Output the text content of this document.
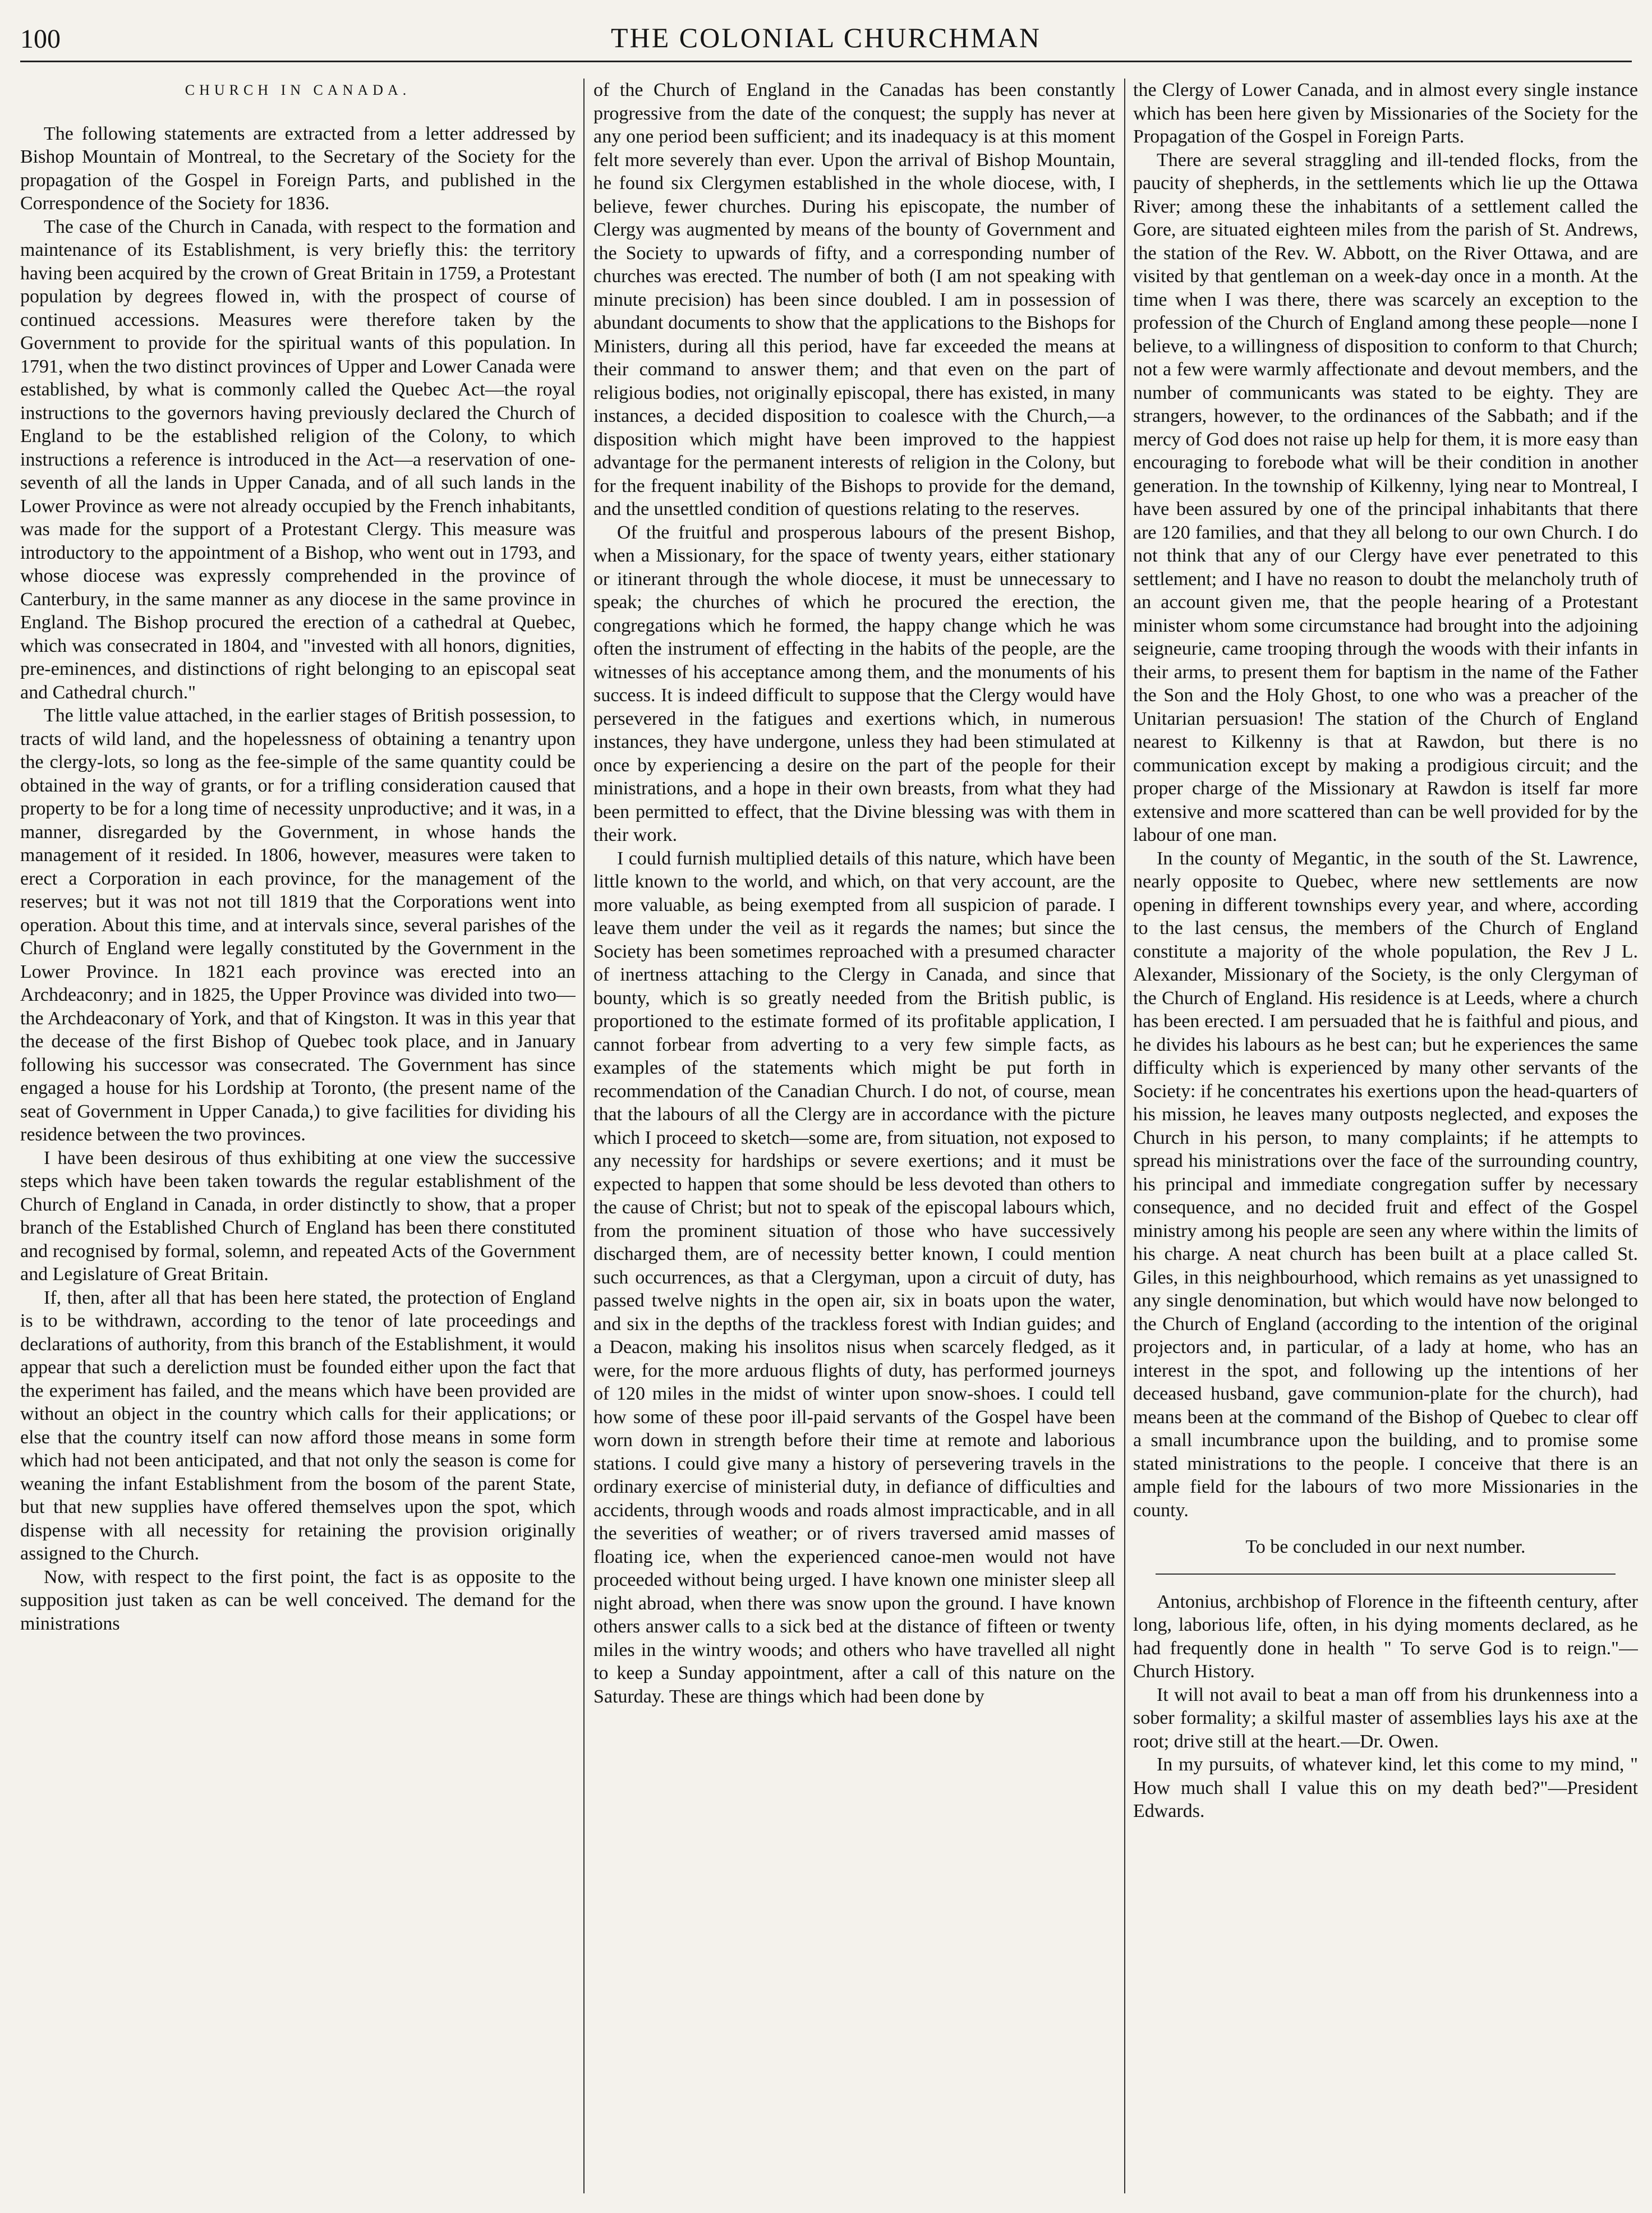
100	THE COLONIAL CHURCHMAN
CHURCH IN CANADA.

The following statements are extracted from a letter addressed by Bishop Mountain of Montreal, to the Secretary of the Society for the propagation of the Gospel in Foreign Parts, and published in the Correspondence of the Society for 1836.

The case of the Church in Canada, with respect to the formation and maintenance of its Establishment, is very briefly this: the territory having been acquired by the crown of Great Britain in 1759, a Protestant population by degrees flowed in, with the prospect of course of continued accessions. Measures were therefore taken by the Government to provide for the spiritual wants of this population. In 1791, when the two distinct provinces of Upper and Lower Canada were established, by what is commonly called the Quebec Act—the royal instructions to the governors having previously declared the Church of England to be the established religion of the Colony, to which instructions a reference is introduced in the Act—a reservation of one-seventh of all the lands in Upper Canada, and of all such lands in the Lower Province as were not already occupied by the French inhabitants, was made for the support of a Protestant Clergy. This measure was introductory to the appointment of a Bishop, who went out in 1793, and whose diocese was expressly comprehended in the province of Canterbury, in the same manner as any diocese in the same province in England. The Bishop procured the erection of a cathedral at Quebec, which was consecrated in 1804, and "invested with all honors, dignities, pre-eminences, and distinctions of right belonging to an episcopal seat and Cathedral church."

The little value attached, in the earlier stages of British possession, to tracts of wild land, and the hopelessness of obtaining a tenantry upon the clergy-lots, so long as the fee-simple of the same quantity could be obtained in the way of grants, or for a trifling consideration caused that property to be for a long time of necessity unproductive; and it was, in a manner, disregarded by the Government, in whose hands the management of it resided. In 1806, however, measures were taken to erect a Corporation in each province, for the management of the reserves; but it was not not till 1819 that the Corporations went into operation. About this time, and at intervals since, several parishes of the Church of England were legally constituted by the Government in the Lower Province. In 1821 each province was erected into an Archdeaconry; and in 1825, the Upper Province was divided into two—the Archdeaconary of York, and that of Kingston. It was in this year that the decease of the first Bishop of Quebec took place, and in January following his successor was consecrated. The Government has since engaged a house for his Lordship at Toronto, (the present name of the seat of Government in Upper Canada,) to give facilities for dividing his residence between the two provinces.

I have been desirous of thus exhibiting at one view the successive steps which have been taken towards the regular establishment of the Church of England in Canada, in order distinctly to show, that a proper branch of the Established Church of England has been there constituted and recognised by formal, solemn, and repeated Acts of the Government and Legislature of Great Britain.

If, then, after all that has been here stated, the protection of England is to be withdrawn, according to the tenor of late proceedings and declarations of authority, from this branch of the Establishment, it would appear that such a dereliction must be founded either upon the fact that the experiment has failed, and the means which have been provided are without an object in the country which calls for their applications; or else that the country itself can now afford those means in some form which had not been anticipated, and that not only the season is come for weaning the infant Establishment from the bosom of the parent State, but that new supplies have offered themselves upon the spot, which dispense with all necessity for retaining the provision originally assigned to the Church.

Now, with respect to the first point, the fact is as opposite to the supposition just taken as can be well conceived. The demand for the ministrations

of the Church of England in the Canadas has been constantly progressive from the date of the conquest; the supply has never at any one period been sufficient; and its inadequacy is at this moment felt more severely than ever. Upon the arrival of Bishop Mountain, he found six Clergymen established in the whole diocese, with, I believe, fewer churches. During his episcopate, the number of Clergy was augmented by means of the bounty of Government and the Society to upwards of fifty, and a corresponding number of churches was erected. The number of both (I am not speaking with minute precision) has been since doubled. I am in possession of abundant documents to show that the applications to the Bishops for Ministers, during all this period, have far exceeded the means at their command to answer them; and that even on the part of religious bodies, not originally episcopal, there has existed, in many instances, a decided disposition to coalesce with the Church,—a disposition which might have been improved to the happiest advantage for the permanent interests of religion in the Colony, but for the frequent inability of the Bishops to provide for the demand, and the unsettled condition of questions relating to the reserves.

Of the fruitful and prosperous labours of the present Bishop, when a Missionary, for the space of twenty years, either stationary or itinerant through the whole diocese, it must be unnecessary to speak; the churches of which he procured the erection, the congregations which he formed, the happy change which he was often the instrument of effecting in the habits of the people, are the witnesses of his acceptance among them, and the monuments of his success. It is indeed difficult to suppose that the Clergy would have persevered in the fatigues and exertions which, in numerous instances, they have undergone, unless they had been stimulated at once by experiencing a desire on the part of the people for their ministrations, and a hope in their own breasts, from what they had been permitted to effect, that the Divine blessing was with them in their work.

I could furnish multiplied details of this nature, which have been little known to the world, and which, on that very account, are the more valuable, as being exempted from all suspicion of parade. I leave them under the veil as it regards the names; but since the Society has been sometimes reproached with a presumed character of inertness attaching to the Clergy in Canada, and since that bounty, which is so greatly needed from the British public, is proportioned to the estimate formed of its profitable application, I cannot forbear from adverting to a very few simple facts, as examples of the statements which might be put forth in recommendation of the Canadian Church. I do not, of course, mean that the labours of all the Clergy are in accordance with the picture which I proceed to sketch—some are, from situation, not exposed to any necessity for hardships or severe exertions; and it must be expected to happen that some should be less devoted than others to the cause of Christ; but not to speak of the episcopal labours which, from the prominent situation of those who have successively discharged them, are of necessity better known, I could mention such occurrences, as that a Clergyman, upon a circuit of duty, has passed twelve nights in the open air, six in boats upon the water, and six in the depths of the trackless forest with Indian guides; and a Deacon, making his insolitos nisus when scarcely fledged, as it were, for the more arduous flights of duty, has performed journeys of 120 miles in the midst of winter upon snow-shoes. I could tell how some of these poor ill-paid servants of the Gospel have been worn down in strength before their time at remote and laborious stations. I could give many a history of persevering travels in the ordinary exercise of ministerial duty, in defiance of difficulties and accidents, through woods and roads almost impracticable, and in all the severities of weather; or of rivers traversed amid masses of floating ice, when the experienced canoe-men would not have proceeded without being urged. I have known one minister sleep all night abroad, when there was snow upon the ground. I have known others answer calls to a sick bed at the distance of fifteen or twenty miles in the wintry woods; and others who have travelled all night to keep a Sunday appointment, after a call of this nature on the Saturday. These are things which had been done by

the Clergy of Lower Canada, and in almost every single instance which has been here given by Missionaries of the Society for the Propagation of the Gospel in Foreign Parts.

There are several straggling and ill-tended flocks, from the paucity of shepherds, in the settlements which lie up the Ottawa River; among these the inhabitants of a settlement called the Gore, are situated eighteen miles from the parish of St. Andrews, the station of the Rev. W. Abbott, on the River Ottawa, and are visited by that gentleman on a week-day once in a month. At the time when I was there, there was scarcely an exception to the profession of the Church of England among these people—none I believe, to a willingness of disposition to conform to that Church; not a few were warmly affectionate and devout members, and the number of communicants was stated to be eighty. They are strangers, however, to the ordinances of the Sabbath; and if the mercy of God does not raise up help for them, it is more easy than encouraging to forebode what will be their condition in another generation. In the township of Kilkenny, lying near to Montreal, I have been assured by one of the principal inhabitants that there are 120 families, and that they all belong to our own Church. I do not think that any of our Clergy have ever penetrated to this settlement; and I have no reason to doubt the melancholy truth of an account given me, that the people hearing of a Protestant minister whom some circumstance had brought into the adjoining seigneurie, came trooping through the woods with their infants in their arms, to present them for baptism in the name of the Father the Son and the Holy Ghost, to one who was a preacher of the Unitarian persuasion! The station of the Church of England nearest to Kilkenny is that at Rawdon, but there is no communication except by making a prodigious circuit; and the proper charge of the Missionary at Rawdon is itself far more extensive and more scattered than can be well provided for by the labour of one man.

In the county of Megantic, in the south of the St. Lawrence, nearly opposite to Quebec, where new settlements are now opening in different townships every year, and where, according to the last census, the members of the Church of England constitute a majority of the whole population, the Rev J L. Alexander, Missionary of the Society, is the only Clergyman of the Church of England. His residence is at Leeds, where a church has been erected. I am persuaded that he is faithful and pious, and he divides his labours as he best can; but he experiences the same difficulty which is experienced by many other servants of the Society: if he concentrates his exertions upon the head-quarters of his mission, he leaves many outposts neglected, and exposes the Church in his person, to many complaints; if he attempts to spread his ministrations over the face of the surrounding country, his principal and immediate congregation suffer by necessary consequence, and no decided fruit and effect of the Gospel ministry among his people are seen any where within the limits of his charge. A neat church has been built at a place called St. Giles, in this neighbourhood, which remains as yet unassigned to any single denomination, but which would have now belonged to the Church of England (according to the intention of the original projectors and, in particular, of a lady at home, who has an interest in the spot, and following up the intentions of her deceased husband, gave communion-plate for the church), had means been at the command of the Bishop of Quebec to clear off a small incumbrance upon the building, and to promise some stated ministrations to the people. I conceive that there is an ample field for the labours of two more Missionaries in the county.

To be concluded in our next number.

Antonius, archbishop of Florence in the fifteenth century, after long, laborious life, often, in his dying moments declared, as he had frequently done in health " To serve God is to reign."—Church History.

It will not avail to beat a man off from his drunkenness into a sober formality; a skilful master of assemblies lays his axe at the root; drive still at the heart.—Dr. Owen.

In my pursuits, of whatever kind, let this come to my mind, " How much shall I value this on my death bed?"—President Edwards.
